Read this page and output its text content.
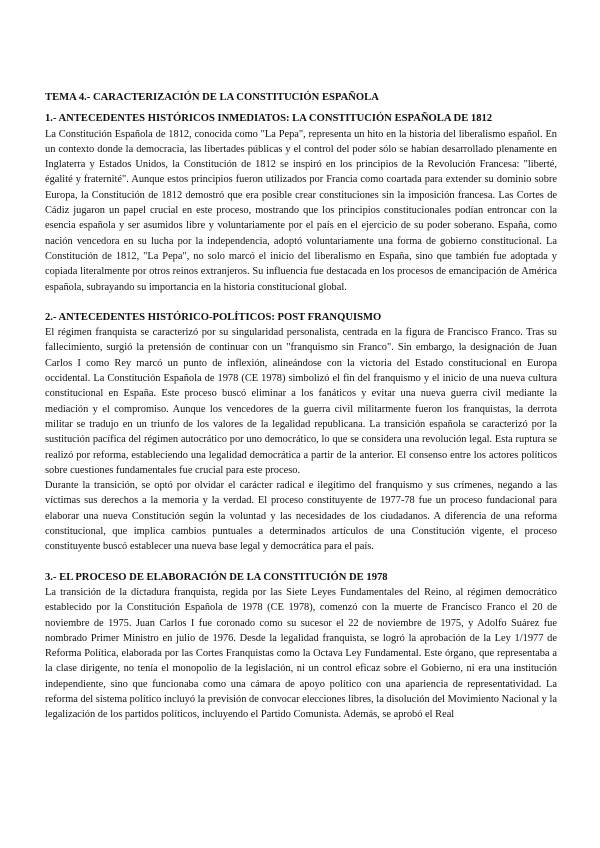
TEMA 4.- CARACTERIZACIÓN DE LA CONSTITUCIÓN ESPAÑOLA

1.- ANTECEDENTES HISTÓRICOS INMEDIATOS: LA CONSTITUCIÓN ESPAÑOLA DE 1812

La Constitución Española de 1812, conocida como "La Pepa", representa un hito en la historia del liberalismo español. En un contexto donde la democracia, las libertades públicas y el control del poder sólo se habían desarrollado plenamente en Inglaterra y Estados Unidos, la Constitución de 1812 se inspiró en los principios de la Revolución Francesa: "liberté, égalité y fraternité". Aunque estos principios fueron utilizados por Francia como coartada para extender su dominio sobre Europa, la Constitución de 1812 demostró que era posible crear constituciones sin la imposición francesa. Las Cortes de Cádiz jugaron un papel crucial en este proceso, mostrando que los principios constitucionales podían entroncar con la esencia española y ser asumidos libre y voluntariamente por el país en el ejercicio de su poder soberano. España, como nación vencedora en su lucha por la independencia, adoptó voluntariamente una forma de gobierno constitucional. La Constitución de 1812, "La Pepa", no solo marcó el inicio del liberalismo en España, sino que también fue adoptada y copiada literalmente por otros reinos extranjeros. Su influencia fue destacada en los procesos de emancipación de América española, subrayando su importancia en la historia constitucional global.

2.- ANTECEDENTES HISTÓRICO-POLÍTICOS: POST FRANQUISMO

El régimen franquista se caracterizó por su singularidad personalista, centrada en la figura de Francisco Franco. Tras su fallecimiento, surgió la pretensión de continuar con un "franquismo sin Franco". Sin embargo, la designación de Juan Carlos I como Rey marcó un punto de inflexión, alineándose con la victoria del Estado constitucional en Europa occidental. La Constitución Española de 1978 (CE 1978) simbolizó el fin del franquismo y el inicio de una nueva cultura constitucional en España. Este proceso buscó eliminar a los fanáticos y evitar una nueva guerra civil mediante la mediación y el compromiso. Aunque los vencedores de la guerra civil militarmente fueron los franquistas, la derrota militar se tradujo en un triunfo de los valores de la legalidad republicana. La transición española se caracterizó por la sustitución pacífica del régimen autocrático por uno democrático, lo que se considera una revolución legal. Esta ruptura se realizó por reforma, estableciendo una legalidad democrática a partir de la anterior. El consenso entre los actores políticos sobre cuestiones fundamentales fue crucial para este proceso.

Durante la transición, se optó por olvidar el carácter radical e ilegítimo del franquismo y sus crímenes, negando a las víctimas sus derechos a la memoria y la verdad. El proceso constituyente de 1977-78 fue un proceso fundacional para elaborar una nueva Constitución según la voluntad y las necesidades de los ciudadanos. A diferencia de una reforma constitucional, que implica cambios puntuales a determinados artículos de una Constitución vigente, el proceso constituyente buscó establecer una nueva base legal y democrática para el país.

3.- EL PROCESO DE ELABORACIÓN DE LA CONSTITUCIÓN DE 1978

La transición de la dictadura franquista, regida por las Siete Leyes Fundamentales del Reino, al régimen democrático establecido por la Constitución Española de 1978 (CE 1978), comenzó con la muerte de Francisco Franco el 20 de noviembre de 1975. Juan Carlos I fue coronado como su sucesor el 22 de noviembre de 1975, y Adolfo Suárez fue nombrado Primer Ministro en julio de 1976. Desde la legalidad franquista, se logró la aprobación de la Ley 1/1977 de Reforma Política, elaborada por las Cortes Franquistas como la Octava Ley Fundamental. Este órgano, que representaba a la clase dirigente, no tenía el monopolio de la legislación, ni un control eficaz sobre el Gobierno, ni era una institución independiente, sino que funcionaba como una cámara de apoyo político con una apariencia de representatividad. La reforma del sistema político incluyó la previsión de convocar elecciones libres, la disolución del Movimiento Nacional y la legalización de los partidos políticos, incluyendo el Partido Comunista. Además, se aprobó el Real
